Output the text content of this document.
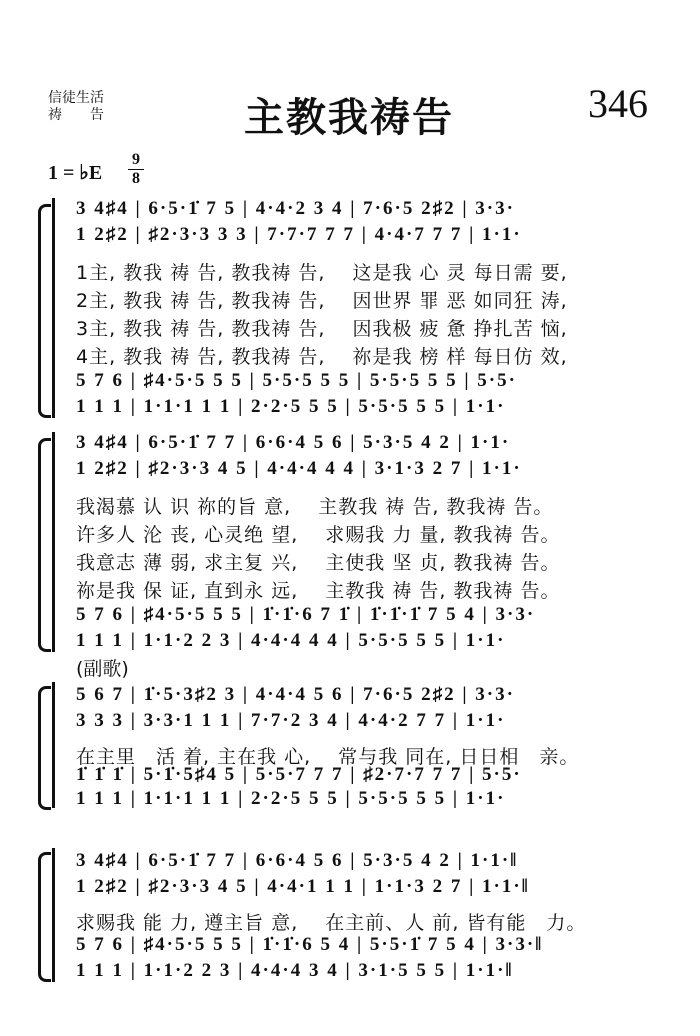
信徒生活
祷　　告	主教我祷告	346
1 = ♭E
9
8
3 4♯4 | 6·5·1̇ 7 5 | 4·4·2 3 4 | 7·6·5 2♯2 | 3·3·
1 2♯2 | ♯2·3·3 3 3 | 7·7·7 7 7 | 4·4·7 7 7 | 1·1·
1主, 教我 祷 告, 教我祷 告,　 这是我 心 灵 每日需 要,
2主, 教我 祷 告, 教我祷 告,　 因世界 罪 恶 如同狂 涛,
3主, 教我 祷 告, 教我祷 告,　 因我极 疲 惫 挣扎苦 恼,
4主, 教我 祷 告, 教我祷 告,　 祢是我 榜 样 每日仿 效,
5 7 6 | ♯4·5·5 5 5 | 5·5·5 5 5 | 5·5·5 5 5 | 5·5·
1 1 1 | 1·1·1 1 1 | 2·2·5 5 5 | 5·5·5 5 5 | 1·1·
3 4♯4 | 6·5·1̇ 7 7 | 6·6·4 5 6 | 5·3·5 4 2 | 1·1·
1 2♯2 | ♯2·3·3 4 5 | 4·4·4 4 4 | 3·1·3 2 7 | 1·1·
我渴慕 认 识 祢的旨 意,　 主教我 祷 告, 教我祷 告。
许多人 沦 丧, 心灵绝 望,　 求赐我 力 量, 教我祷 告。
我意志 薄 弱, 求主复 兴,　 主使我 坚 贞, 教我祷 告。
祢是我 保 证, 直到永 远,　 主教我 祷 告, 教我祷 告。
5 7 6 | ♯4·5·5 5 5 | 1̇·1̇·6 7 1̇ | 1̇·1̇·1̇ 7 5 4 | 3·3·
1 1 1 | 1·1·2 2 3 | 4·4·4 4 4 | 5·5·5 5 5 | 1·1·
(副歌)
5 6 7 | 1̇·5·3♯2 3 | 4·4·4 5 6 | 7·6·5 2♯2 | 3·3·
3 3 3 | 3·3·1 1 1 | 7·7·2 3 4 | 4·4·2 7 7 | 1·1·
在主里　活 着, 主在我 心,　 常与我 同在, 日日相　亲。
1̇ 1̇ 1̇ | 5·1̇·5♯4 5 | 5·5·7 7 7 | ♯2·7·7 7 7 | 5·5·
1 1 1 | 1·1·1 1 1 | 2·2·5 5 5 | 5·5·5 5 5 | 1·1·
3 4♯4 | 6·5·1̇ 7 7 | 6·6·4 5 6 | 5·3·5 4 2 | 1·1·‖
1 2♯2 | ♯2·3·3 4 5 | 4·4·1 1 1 | 1·1·3 2 7 | 1·1·‖
求赐我 能 力, 遵主旨 意,　 在主前、人 前, 皆有能　力。
5 7 6 | ♯4·5·5 5 5 | 1̇·1̇·6 5 4 | 5·5·1̇ 7 5 4 | 3·3·‖
1 1 1 | 1·1·2 2 3 | 4·4·4 3 4 | 3·1·5 5 5 | 1·1·‖
